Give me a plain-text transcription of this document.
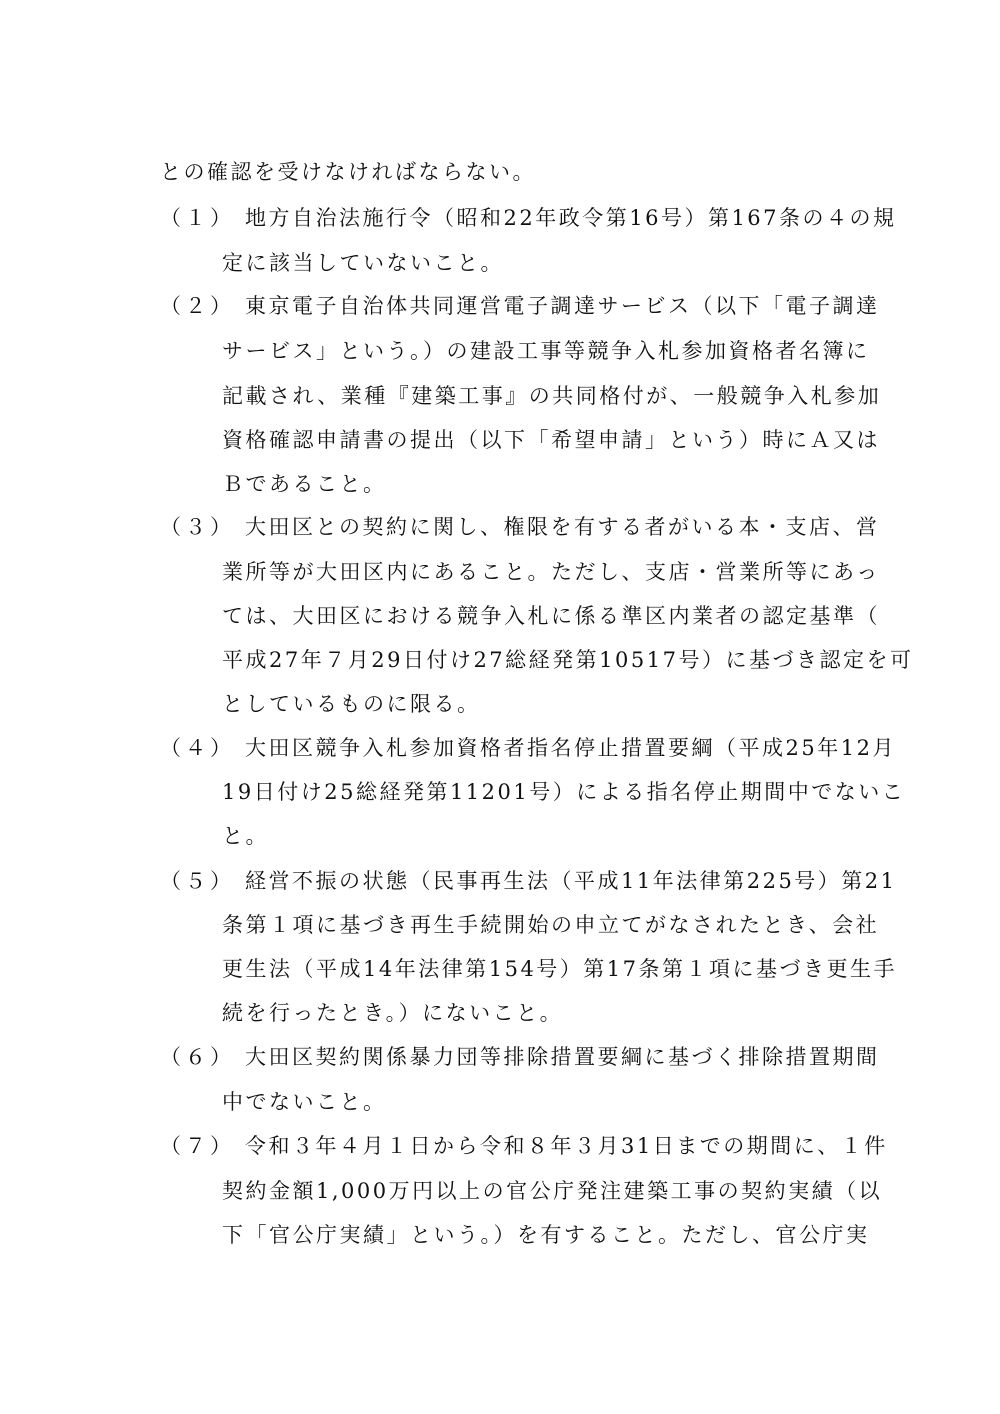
との確認を受けなければならない。
（１） 地方自治法施行令（昭和22年政令第16号）第167条の４の規
定に該当していないこと。
（２） 東京電子自治体共同運営電子調達サービス（以下「電子調達
サービス」という。）の建設工事等競争入札参加資格者名簿に
記載され、業種『建築工事』の共同格付が、一般競争入札参加
資格確認申請書の提出（以下「希望申請」という）時にＡ又は
Ｂであること。
（３） 大田区との契約に関し、権限を有する者がいる本・支店、営
業所等が大田区内にあること。ただし、支店・営業所等にあっ
ては、大田区における競争入札に係る準区内業者の認定基準（
平成27年７月29日付け27総経発第10517号）に基づき認定を可
としているものに限る。
（４） 大田区競争入札参加資格者指名停止措置要綱（平成25年12月
19日付け25総経発第11201号）による指名停止期間中でないこ
と。
（５） 経営不振の状態（民事再生法（平成11年法律第225号）第21
条第１項に基づき再生手続開始の申立てがなされたとき、会社
更生法（平成14年法律第154号）第17条第１項に基づき更生手
続を行ったとき。）にないこと。
（６） 大田区契約関係暴力団等排除措置要綱に基づく排除措置期間
中でないこと。
（７） 令和３年４月１日から令和８年３月31日までの期間に、１件
契約金額1,000万円以上の官公庁発注建築工事の契約実績（以
下「官公庁実績」という。）を有すること。ただし、官公庁実
